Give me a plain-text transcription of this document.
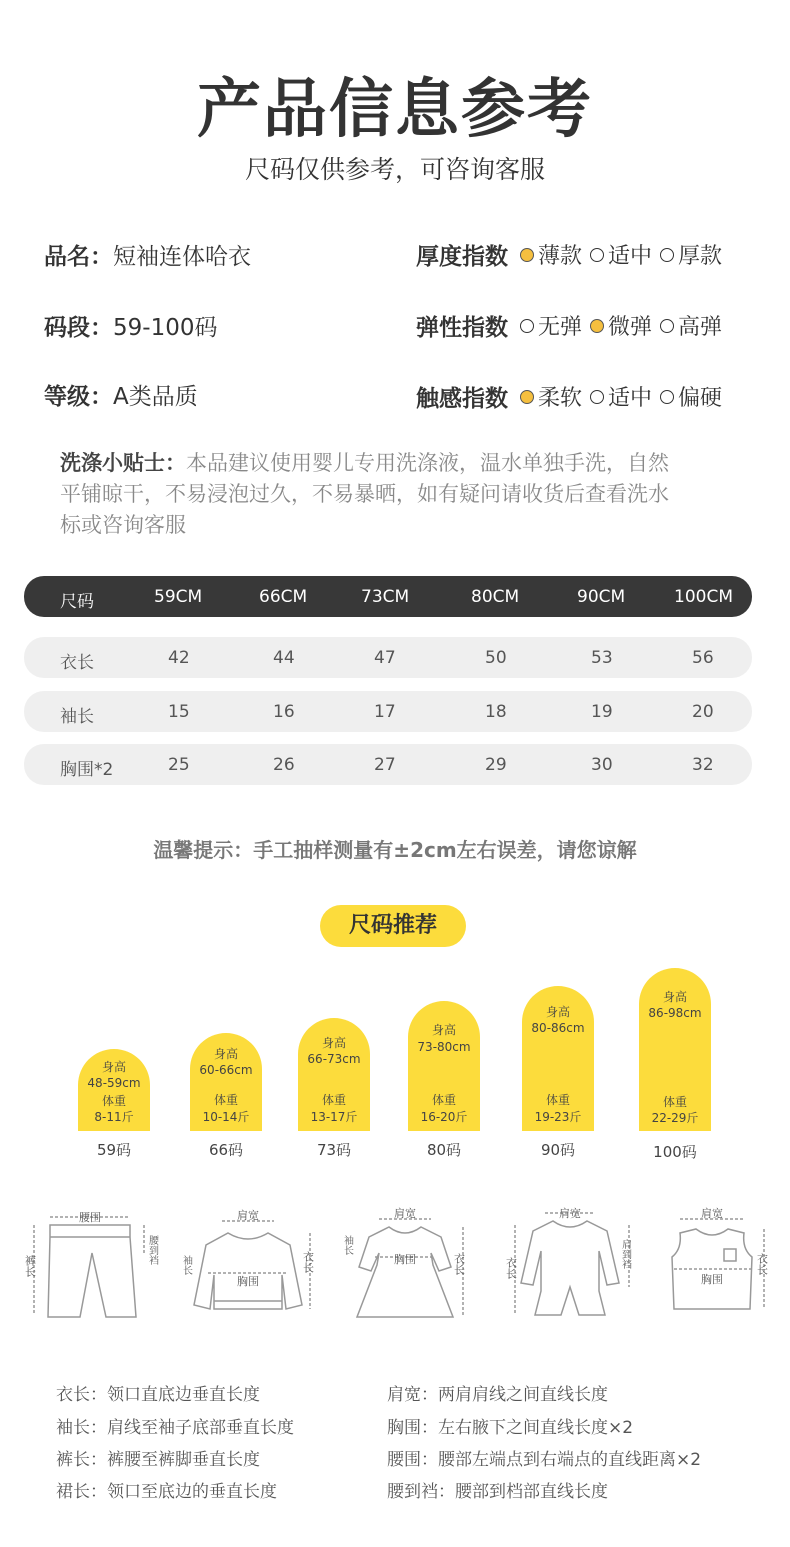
产品信息参考
尺码仅供参考，可咨询客服
品名：短袖连体哈衣
码段：59-100码
等级：A类品质
厚度指数 薄款 适中 厚款
弹性指数 无弹 微弹 高弹
触感指数 柔软 适中 偏硬
洗涤小贴士：本品建议使用婴儿专用洗涤液，温水单独手洗，自然
平铺晾干，不易浸泡过久，不易暴晒，如有疑问请收货后查看洗水
标或咨询客服
尺码	59CM	66CM	73CM	80CM	90CM	100CM
衣长	42	44	47	50	53	56
袖长	15	16	17	18	19	20
胸围*2	25	26	27	29	30	32
温馨提示：手工抽样测量有±2cm左右误差，请您谅解
尺码推荐
身高
48-59cm
体重
8-11斤
59码
身高
60-66cm
体重
10-14斤
66码
身高
66-73cm
体重
13-17斤
73码
身高
73-80cm
体重
16-20斤
80码
身高
80-86cm
体重
19-23斤
90码
身高
86-98cm
体重
22-29斤
100码
腰围
腰到裆
裤长
肩宽
袖长
胸围
衣长
肩宽
袖长
胸围	衣长
肩宽
衣长	肩到裆
肩宽
胸围
衣长
衣长：领口直底边垂直长度
袖长：肩线至袖子底部垂直长度
裤长：裤腰至裤脚垂直长度
裙长：领口至底边的垂直长度
肩宽：两肩肩线之间直线长度
胸围：左右腋下之间直线长度×2
腰围：腰部左端点到右端点的直线距离×2
腰到裆：腰部到档部直线长度
